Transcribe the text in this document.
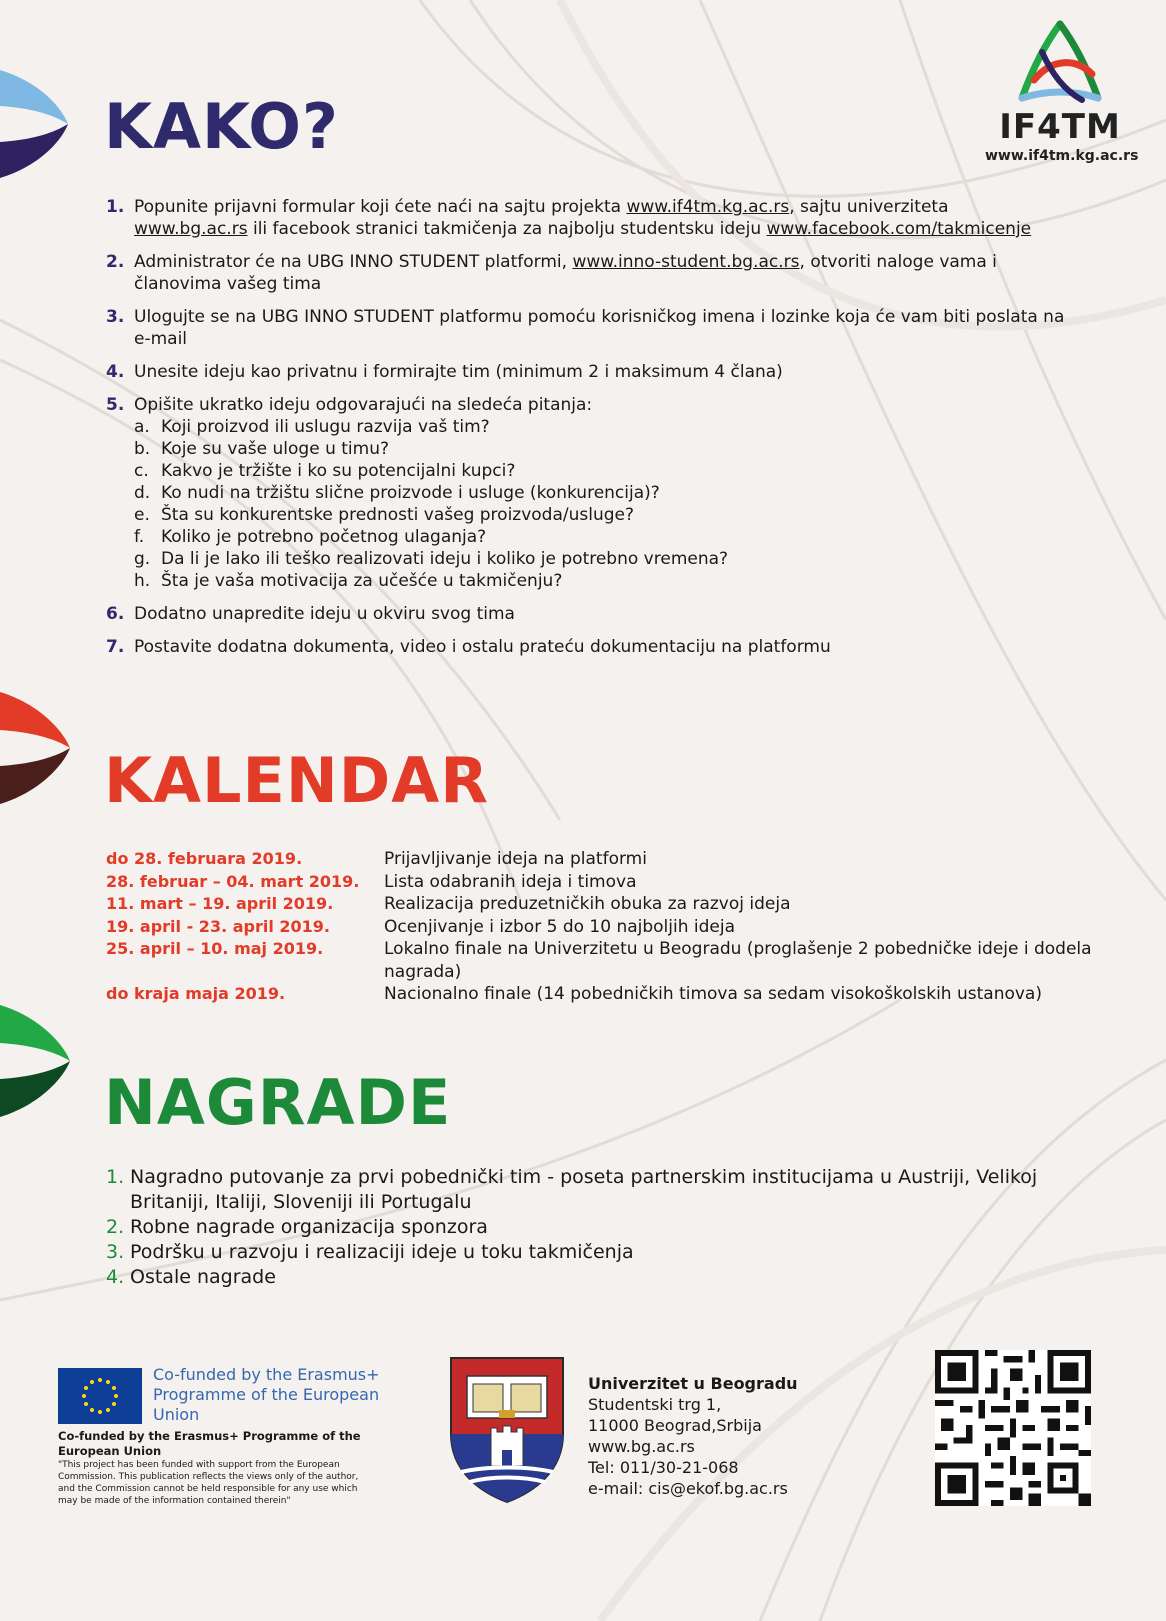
IF4TM
www.if4tm.kg.ac.rs
KAKO?
1. Popunite prijavni formular koji ćete naći na sajtu projekta www.if4tm.kg.ac.rs, sajtu univerziteta www.bg.ac.rs ili facebook stranici takmičenja za najbolju studentsku ideju www.facebook.com/takmicenje
2. Administrator će na UBG INNO STUDENT platformi, www.inno-student.bg.ac.rs, otvoriti naloge vama i članovima vašeg tima
3. Ulogujte se na UBG INNO STUDENT platformu pomoću korisničkog imena i lozinke koja će vam biti poslata na e-mail
4. Unesite ideju kao privatnu i formirajte tim (minimum 2 i maksimum 4 člana)
5. Opišite ukratko ideju odgovarajući na sledeća pitanja:
a. Koji proizvod ili uslugu razvija vaš tim?
b. Koje su vaše uloge u timu?
c. Kakvo je tržište i ko su potencijalni kupci?
d. Ko nudi na tržištu slične proizvode i usluge (konkurencija)?
e. Šta su konkurentske prednosti vašeg proizvoda/usluge?
f. Koliko je potrebno početnog ulaganja?
g. Da li je lako ili teško realizovati ideju i koliko je potrebno vremena?
h. Šta je vaša motivacija za učešće u takmičenju?
6. Dodatno unapredite ideju u okviru svog tima
7. Postavite dodatna dokumenta, video i ostalu prateću dokumentaciju na platformu
KALENDAR
do 28. februara 2019.	Prijavljivanje ideja na platformi
28. februar – 04. mart 2019.	Lista odabranih ideja i timova
11. mart – 19. april 2019.	Realizacija preduzetničkih obuka za razvoj ideja
19. april - 23. april 2019.	Ocenjivanje i izbor 5 do 10 najboljih ideja
25. april – 10. maj 2019.	Lokalno finale na Univerzitetu u Beogradu (proglašenje 2 pobedničke ideje i dodela nagrada)
do kraja maja 2019.	Nacionalno finale (14 pobedničkih timova sa sedam visokoškolskih ustanova)
NAGRADE
1. Nagradno putovanje za prvi pobednički tim - poseta partnerskim institucijama u Austriji, Velikoj Britaniji, Italiji, Sloveniji ili Portugalu
2. Robne nagrade organizacija sponzora
3. Podršku u razvoju i realizaciji ideje u toku takmičenja
4. Ostale nagrade
Co-funded by the Erasmus+ Programme of the European Union
Co-funded by the Erasmus+ Programme of the European Union
"This project has been funded with support from the European Commission. This publication reflects the views only of the author, and the Commission cannot be held responsible for any use which may be made of the information contained therein"
Univerzitet u Beogradu
Studentski trg 1,
11000 Beograd,Srbija
www.bg.ac.rs
Tel: 011/30-21-068
e-mail: cis@ekof.bg.ac.rs
